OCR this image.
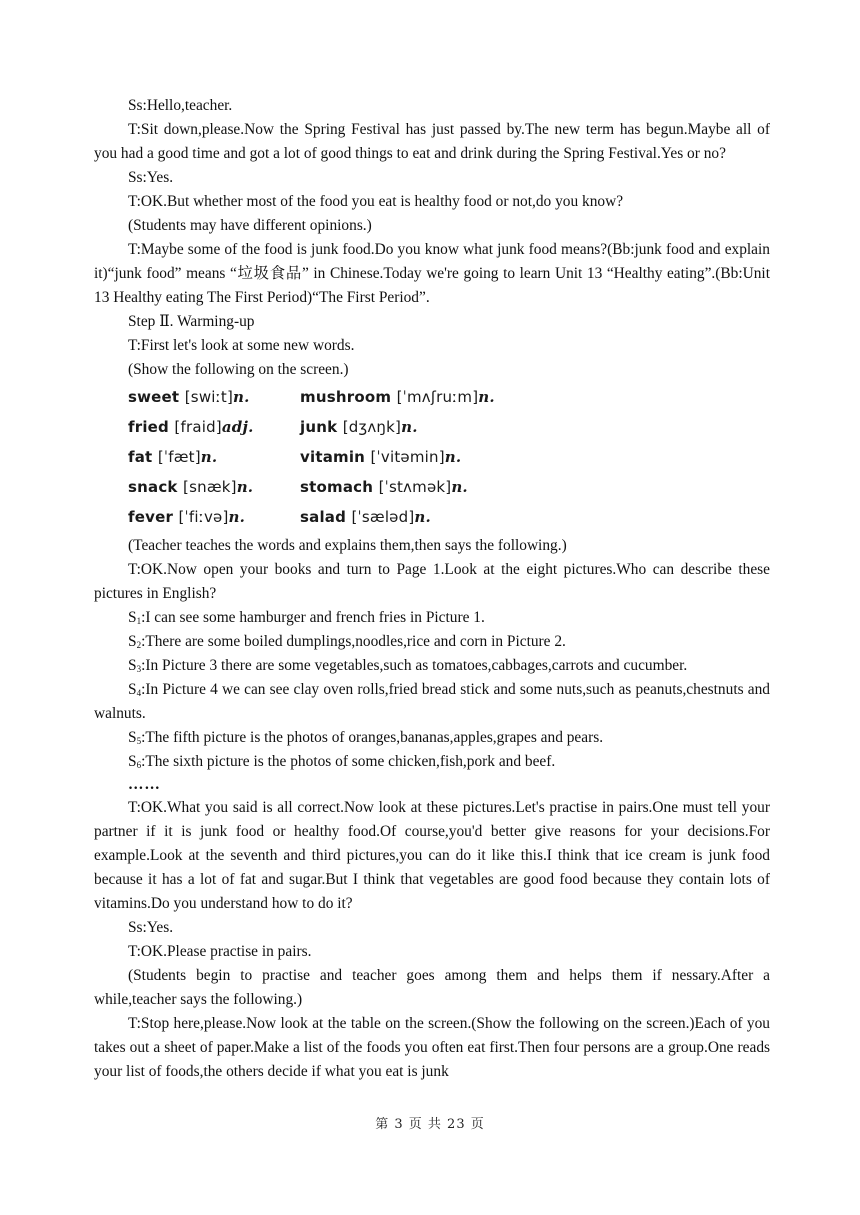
Ss:Hello,teacher.

T:Sit down,please.Now the Spring Festival has just passed by.The new term has begun.Maybe all of you had a good time and got a lot of good things to eat and drink during the Spring Festival.Yes or no?

Ss:Yes.

T:OK.But whether most of the food you eat is healthy food or not,do you know?

(Students may have different opinions.)

T:Maybe some of the food is junk food.Do you know what junk food means?(Bb:junk food and explain it)“junk food” means “垃圾食品” in Chinese.Today we're going to learn Unit 13 “Healthy eating”.(Bb:Unit 13 Healthy eating The First Period)“The First Period”.

Step Ⅱ. Warming-up

T:First let's look at some new words.

(Show the following on the screen.)

sweet [swiːt]n.	mushroom [ˈmʌʃruːm]n.
fried [fraid]adj.	junk [dʒʌŋk]n.
fat [ˈfæt]n.	vitamin [ˈvitəmin]n.
snack [snæk]n.	stomach [ˈstʌmək]n.
fever [ˈfiːvə]n.	salad [ˈsæləd]n.

(Teacher teaches the words and explains them,then says the following.)

T:OK.Now open your books and turn to Page 1.Look at the eight pictures.Who can describe these pictures in English?

$S_1:I$ can see some hamburger and french fries in Picture 1.

$S_2:There$ are some boiled dumplings,noodles,rice and corn in Picture 2.

$S_3:In$ Picture 3 there are some vegetables,such as tomatoes,cabbages,carrots and cucumber.

$S_4:In$ Picture 4 we can see clay oven rolls,fried bread stick and some nuts,such as peanuts,chestnuts and walnuts.

$S_5:The$ fifth picture is the photos of oranges,bananas,apples,grapes and pears.

$S_6:The$ sixth picture is the photos of some chicken,fish,pork and beef.

……

T:OK.What you said is all correct.Now look at these pictures.Let's practise in pairs.One must tell your partner if it is junk food or healthy food.Of course,you'd better give reasons for your decisions.For example.Look at the seventh and third pictures,you can do it like this.I think that ice cream is junk food because it has a lot of fat and sugar.But I think that vegetables are good food because they contain lots of vitamins.Do you understand how to do it?

Ss:Yes.

T:OK.Please practise in pairs.

(Students begin to practise and teacher goes among them and helps them if nessary.After a while,teacher says the following.)

T:Stop here,please.Now look at the table on the screen.(Show the following on the screen.)Each of you takes out a sheet of paper.Make a list of the foods you often eat first.Then four persons are a group.One reads your list of foods,the others decide if what you eat is junk

第 3 页 共 23 页
